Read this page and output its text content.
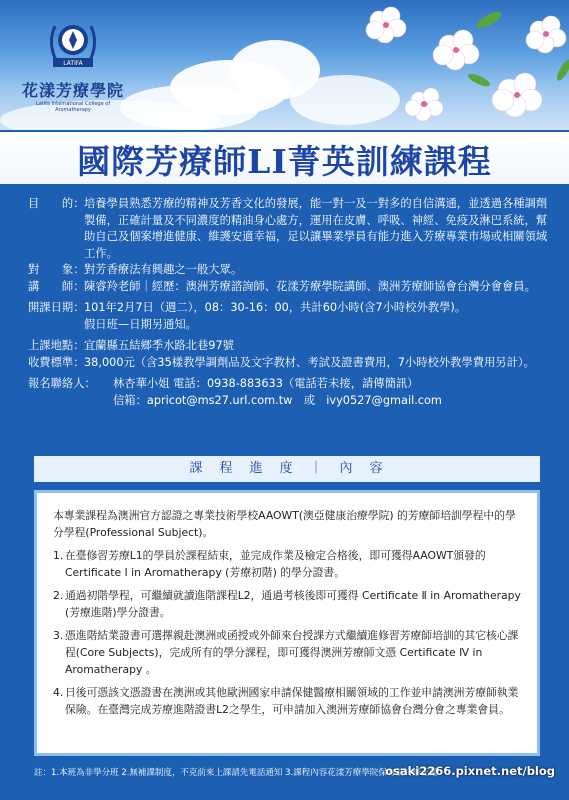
LATIFA
花漾芳療學院
Latifa International College of Aromatherapy
國際芳療師LI菁英訓練課程
目　　的： 培養學員熟悉芳療的精神及芳香文化的發展，能一對一及一對多的自信溝通，並透過各種調劑製備，正確計量及不同濃度的精油身心處方，運用在皮膚、呼吸、神經、免疫及淋巴系統，幫助自己及個案增進健康、維護安適幸福，足以讓畢業學員有能力進入芳療專業市場或相關領域工作。
對　　象： 對芳香療法有興趣之一般大眾。
講　　師： 陳睿羚老師｜經歷：澳洲芳療諮詢師、花漾芳療學院講師、澳洲芳療師協會台灣分會會員。
開課日期： 101年2月7日（週二），08：30-16：00，共計60小時(含7小時校外教學)。
假日班—日期另通知。
上課地點： 宜蘭縣五結鄉季水路北巷97號
收費標準： 38,000元（含35樣教學調劑品及文字教材、考試及證書費用，7小時校外教學費用另計）。
報名聯絡人：	林杏華小姐 電話：0938-883633（電話若未接，請傳簡訊）
信箱：apricot@ms27.url.com.tw　或　ivy0527@gmail.com
課　程　進　度　｜　內　容

本專業課程為澳洲官方認證之專業技術學校AAOWT(澳亞健康治療學院) 的芳療師培訓學程中的學分學程(Professional Subject)。

1. 在臺修習芳療L1的學員於課程結束，並完成作業及檢定合格後，即可獲得AAOWT頒發的Certificate I in Aromatherapy (芳療初階) 的學分證書。
2. 通過初階學程，可繼續就讀進階課程L2，通過考核後即可獲得 Certificate Ⅱ in Aromatherapy (芳療進階)學分證書。
3. 憑進階結業證書可選擇親赴澳洲或函授或外師來台授課方式繼續進修習芳療師培訓的其它核心課程(Core Subjects)，完成所有的學分課程，即可獲得澳洲芳療師文憑 Certificate Ⅳ in Aromatherapy 。
4. 日後可憑該文憑證書在澳洲或其他歐洲國家申請保健醫療相關領域的工作並申請澳洲芳療師執業保險。在臺灣完成芳療進階證書L2之學生，可申請加入澳洲芳療師協會台灣分會之專業會員。
註：1.本班為非學分班 2.無補課制度，不克前來上課請先電話通知 3.課程內容花漾芳療學院保有最終修正權
osaki2266.pixnet.net/blog
